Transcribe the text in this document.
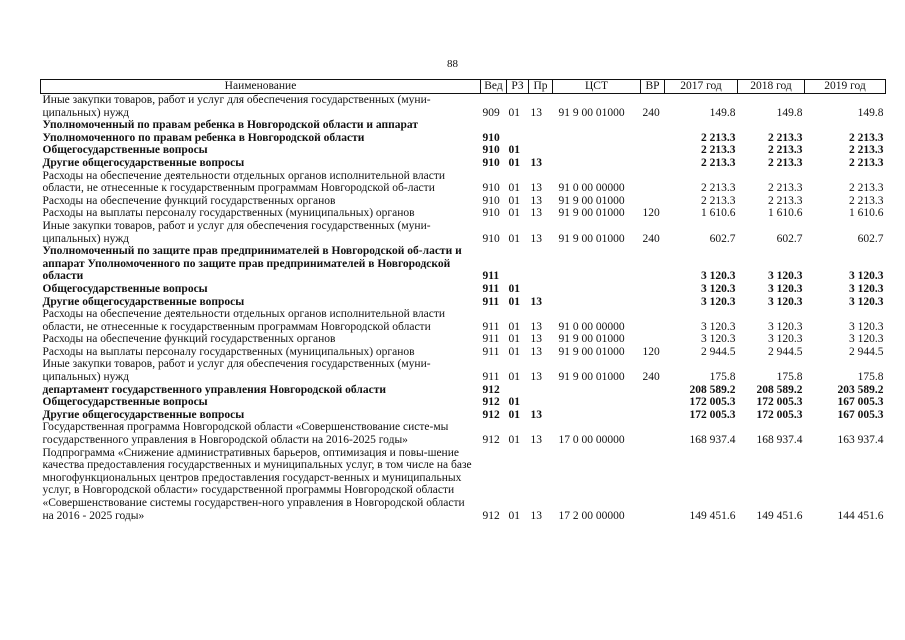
88
Наименование	Вед	РЗ	Пр	ЦСТ	ВР	2017 год	2018 год	2019 год
Иные закупки товаров, работ и услуг для обеспечения государственных (муни-ципальных) нужд	909	01	13	91 9 00 01000	240	149.8	149.8	149.8
Уполномоченный по правам ребенка в Новгородской области и аппарат Уполномоченного по правам ребенка в Новгородской области	910					2 213.3	2 213.3	2 213.3
Общегосударственные вопросы	910	01				2 213.3	2 213.3	2 213.3
Другие общегосударственные вопросы	910	01	13			2 213.3	2 213.3	2 213.3
Расходы на обеспечение деятельности отдельных органов исполнительной власти области, не отнесенные к государственным программам Новгородской об-ласти	910	01	13	91 0 00 00000		2 213.3	2 213.3	2 213.3
Расходы на обеспечение функций государственных органов	910	01	13	91 9 00 01000		2 213.3	2 213.3	2 213.3
Расходы на выплаты персоналу государственных (муниципальных) органов	910	01	13	91 9 00 01000	120	1 610.6	1 610.6	1 610.6
Иные закупки товаров, работ и услуг для обеспечения государственных (муни-ципальных) нужд	910	01	13	91 9 00 01000	240	602.7	602.7	602.7
Уполномоченный по защите прав предпринимателей в Новгородской об-ласти и аппарат Уполномоченного по защите прав предпринимателей в Новгородской области	911					3 120.3	3 120.3	3 120.3
Общегосударственные вопросы	911	01				3 120.3	3 120.3	3 120.3
Другие общегосударственные вопросы	911	01	13			3 120.3	3 120.3	3 120.3
Расходы на обеспечение деятельности отдельных органов исполнительной власти области, не отнесенные к государственным программам Новгородской области	911	01	13	91 0 00 00000		3 120.3	3 120.3	3 120.3
Расходы на обеспечение функций государственных органов	911	01	13	91 9 00 01000		3 120.3	3 120.3	3 120.3
Расходы на выплаты персоналу государственных (муниципальных) органов	911	01	13	91 9 00 01000	120	2 944.5	2 944.5	2 944.5
Иные закупки товаров, работ и услуг для обеспечения государственных (муни-ципальных) нужд	911	01	13	91 9 00 01000	240	175.8	175.8	175.8
департамент государственного управления Новгородской области	912					208 589.2	208 589.2	203 589.2
Общегосударственные вопросы	912	01				172 005.3	172 005.3	167 005.3
Другие общегосударственные вопросы	912	01	13			172 005.3	172 005.3	167 005.3
Государственная программа Новгородской области «Совершенствование систе-мы государственного управления в Новгородской области на 2016-2025 годы»	912	01	13	17 0 00 00000		168 937.4	168 937.4	163 937.4
Подпрограмма «Снижение административных барьеров, оптимизация и повы-шение качества предоставления государственных и муниципальных услуг, в том числе на базе многофункциональных центров предоставления государст-венных и муниципальных услуг, в Новгородской области» государственной программы Новгородской области «Совершенствование системы государствен-ного управления в Новгородской области на 2016 - 2025 годы»	912	01	13	17 2 00 00000		149 451.6	149 451.6	144 451.6
